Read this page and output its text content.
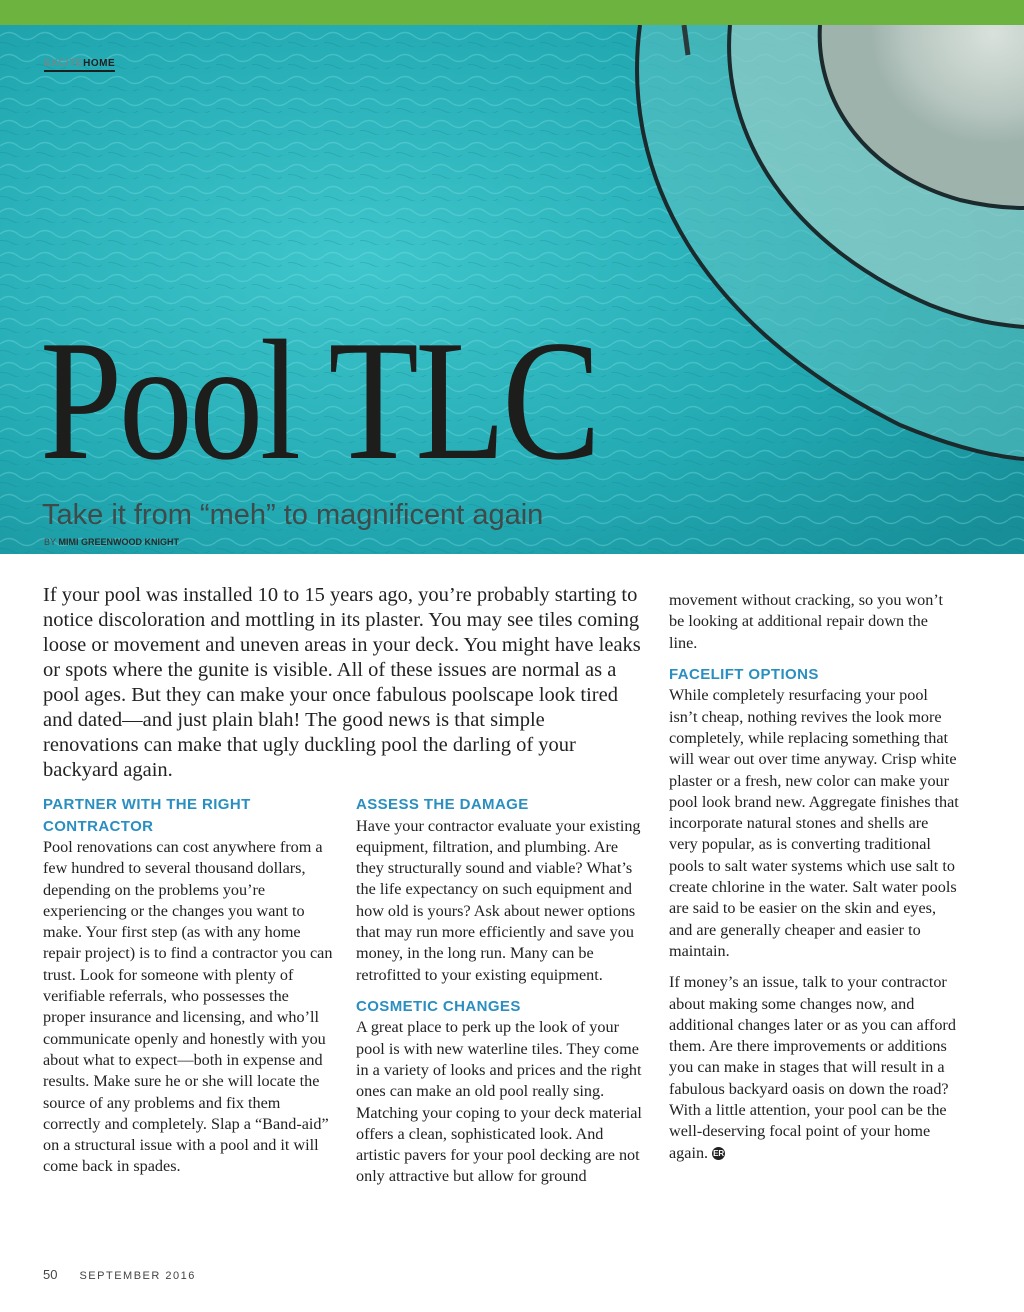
EXCITEHOME
Pool TLC
Take it from “meh” to magnificent again
BY MIMI GREENWOOD KNIGHT

If your pool was installed 10 to 15 years ago, you’re probably starting to notice discoloration and mottling in its plaster. You may see tiles coming loose or movement and uneven areas in your deck. You might have leaks or spots where the gunite is visible. All of these issues are normal as a pool ages. But they can make your once fabulous poolscape look tired and dated—and just plain blah! The good news is that simple renovations can make that ugly duckling pool the darling of your backyard again.

PARTNER WITH THE RIGHT CONTRACTOR

Pool renovations can cost anywhere from a few hundred to several thousand dollars, depending on the problems you’re experiencing or the changes you want to make. Your first step (as with any home repair project) is to find a contractor you can trust. Look for someone with plenty of verifiable referrals, who possesses the proper insurance and licensing, and who’ll communicate openly and honestly with you about what to expect—both in expense and results. Make sure he or she will locate the source of any problems and fix them correctly and completely. Slap a “Band-aid” on a structural issue with a pool and it will come back in spades.

ASSESS THE DAMAGE

Have your contractor evaluate your existing equipment, filtration, and plumbing. Are they structurally sound and viable? What’s the life expectancy on such equipment and how old is yours? Ask about newer options that may run more efficiently and save you money, in the long run. Many can be retrofitted to your existing equipment.

COSMETIC CHANGES

A great place to perk up the look of your pool is with new waterline tiles. They come in a variety of looks and prices and the right ones can make an old pool really sing. Matching your coping to your deck material offers a clean, sophisticated look. And artistic pavers for your pool decking are not only attractive but allow for ground

movement without cracking, so you won’t be looking at additional repair down the line.

FACELIFT OPTIONS

While completely resurfacing your pool isn’t cheap, nothing revives the look more completely, while replacing something that will wear out over time anyway. Crisp white plaster or a fresh, new color can make your pool look brand new. Aggregate finishes that incorporate natural stones and shells are very popular, as is converting traditional pools to salt water systems which use salt to create chlorine in the water. Salt water pools are said to be easier on the skin and eyes, and are generally cheaper and easier to maintain.

If money’s an issue, talk to your contractor about making some changes now, and additional changes later or as you can afford them. Are there improvements or additions you can make in stages that will result in a fabulous backyard oasis on down the road? With a little attention, your pool can be the well-deserving focal point of your home again. ER

50 SEPTEMBER 2016
